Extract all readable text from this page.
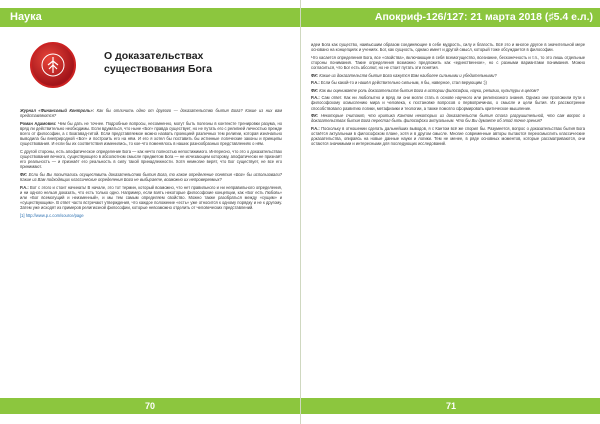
Наука
О доказательствах существования Бога

Журнал «Финансовый Контроль»: Как бы отличить одно от другого — доказательство бытия Бога? Какие из них вам представляются?

Роман Адамович: Чем бы дать не точнее. Подробные вопросы, несомненно, могут быть полезны в контексте тренировки разума, но вряд ли действительно необходимы. Если вдуматься, что ныне «Бог» правда существует, но не путать его с религией личностью прежде всего от философии, а с Бхагавад-гитой. Если представляемое можно назвать проекцией различных тем религии, которая изначально выводила бы внеприродной «Бог» и построить его на нём. И его я хотел бы поставить бы истинные логические законы и принципы существования. И если бы их соответствия изменились, то кое-что поменялось в наших разнообразных представлениях о нём.

С другой стороны, есть апофатическое определение Бога — как нечто полностью непостижимого. Интересно, что это о доказательствах существования вечного, существующего в абсолютном смысле предметом Бога — не исчезающем которому, апофатически не признаёт его реальность — и признаёт его реальность в силу такой принадлежности. Хотя немногие верят, что Бог существует, не все его принимают.

ФК: Если бы Вы попытались осуществить доказательство бытия Бога, то какое определение понятия «Бог» бы использовали? Какие из Вам подходящих классические определения Бога не выбираете, возможно их непроверяемых?

Р.А.: Вот с этого и стоит начинать! В начале, это тот термин, который возможно, что нет правильного и ни неправильного определения, и ни одного нельзя доказать, что есть только одно. Например, если взять некоторые философские концепции, как «Бог есть Любовь» или «Бог всемогущий и неизменный», и мы тем самым определяем свойство. Можно также разобраться между «сущим» и «существующим». В ответ часто встречают утверждения, что каждое положение «есть» уже относится к одному порядку и не к другому. Затем уже исходят из примеров религиозной философии, которые невозможно отделить от человеческих представлений.

[1] http://www.p.c.com/source/page

70
Апокриф-126/127: 21 марта 2018 (♯5.4 е.л.)

идеи Бога как существо, наивысшим образом соединяющее в себе мудрость, силу и благость. Всё это и многое другое в значительной мере основано на концепциях и учениях. Бог, как сущность, однако имеет и другой смысл, который тоже обсуждается в философии.

Что касается определения Бога, все «свойства», включающие в себя всемогущество, всезнание, бесконечность и т.п., то это лишь отдельные стороны понимания. Такие определения возможно предложить как «единственное», но с разными вариантами понимания. Можно согласиться, что Бог есть абсолют, но не стоит путать эти понятия.

ФК: Какие из доказательств бытия Бога кажутся Вам наиболее сильными и убедительными?

Р.А.: Если бы какой-то и нашёл действительно сильным, я бы, наверное, стал верующим :))

ФК: Как вы оцениваете роль доказательств бытия Бога в истории философии, науки, религии, культуры в целом?

Р.А.: Сам ответ. Как ни любопытно и вряд ли они могли стать в основе научного или религиозного знания. Однако они проложили пути к философскому осмыслению мира и человека, к постановке вопросов о первопричинах, о смысле и цели бытия. Их рассмотрение способствовало развитию логики, метафизики и теологии, а также помогло сформировать критическое мышление.

ФК: Некоторые считают, что критика Кантом некоторых из доказательств бытия стала разрушительной, что сам вопрос о доказательствах бытия Бога перестал быть философски актуальным. Что бы Вы думаете об этой точке зрения?

Р.А.: Поскольку в отношении сделать дальнейших выводов, я с Кантом всё же спорил бы. Разумеется, вопрос о доказательствах бытия Бога остаётся актуальным в философском плане, хотя и в другом смысле. Многие современные авторы пытаются переосмыслить классические доказательства, опираясь на новые данные науки и логики. Тем не менее, в ряде основных моментов, которые рассматриваются, они остаются значимыми и интересными для последующих исследований.

71
